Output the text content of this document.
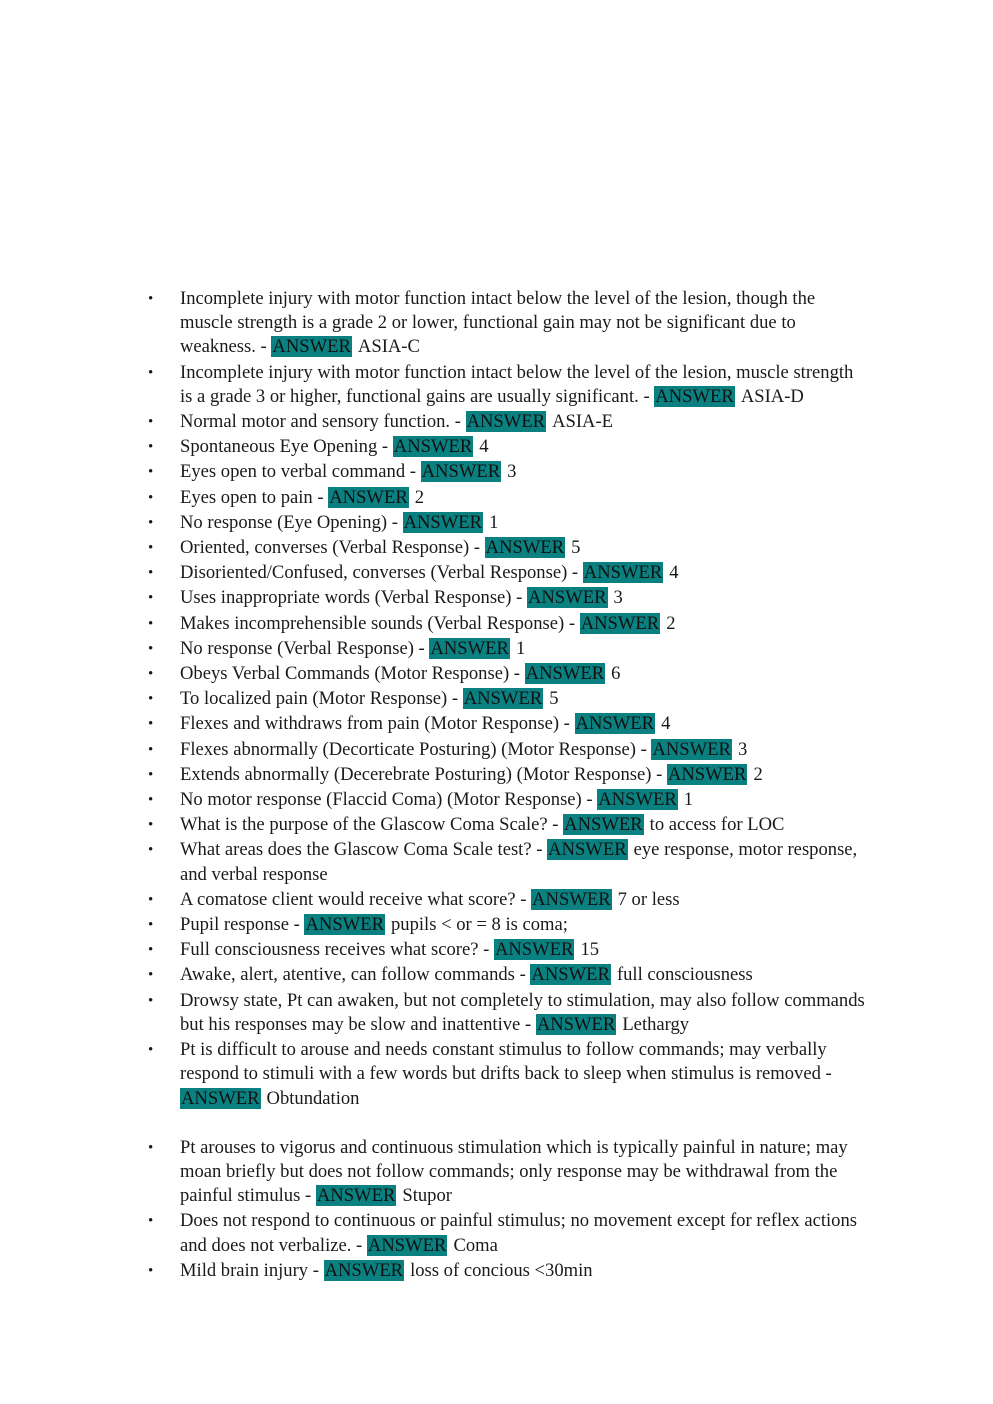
•	Incomplete injury with motor function intact below the level of the lesion, though the muscle strength is a grade 2 or lower, functional gain may not be significant due to weakness. - ANSWER ASIA-C
•	Incomplete injury with motor function intact below the level of the lesion, muscle strength is a grade 3 or higher, functional gains are usually significant. - ANSWER ASIA-D
•	Normal motor and sensory function. - ANSWER ASIA-E
•	Spontaneous Eye Opening - ANSWER 4
•	Eyes open to verbal command - ANSWER 3
•	Eyes open to pain - ANSWER 2
•	No response (Eye Opening) - ANSWER 1
•	Oriented, converses (Verbal Response) - ANSWER 5
•	Disoriented/Confused, converses (Verbal Response) - ANSWER 4
•	Uses inappropriate words (Verbal Response) - ANSWER 3
•	Makes incomprehensible sounds (Verbal Response) - ANSWER 2
•	No response (Verbal Response) - ANSWER 1
•	Obeys Verbal Commands (Motor Response) - ANSWER 6
•	To localized pain (Motor Response) - ANSWER 5
•	Flexes and withdraws from pain (Motor Response) - ANSWER 4
•	Flexes abnormally (Decorticate Posturing) (Motor Response) - ANSWER 3
•	Extends abnormally (Decerebrate Posturing) (Motor Response) - ANSWER 2
•	No motor response (Flaccid Coma) (Motor Response) - ANSWER 1
•	What is the purpose of the Glascow Coma Scale? - ANSWER to access for LOC
•	What areas does the Glascow Coma Scale test? - ANSWER eye response, motor response, and verbal response
•	A comatose client would receive what score? - ANSWER 7 or less
•	Pupil response - ANSWER pupils < or = 8 is coma;
•	Full consciousness receives what score? - ANSWER 15
•	Awake, alert, atentive, can follow commands - ANSWER full consciousness
•	Drowsy state, Pt can awaken, but not completely to stimulation, may also follow commands but his responses may be slow and inattentive - ANSWER Lethargy
•	Pt is difficult to arouse and needs constant stimulus to follow commands; may verbally respond to stimuli with a few words but drifts back to sleep when stimulus is removed - ANSWER Obtundation
•	Pt arouses to vigorus and continuous stimulation which is typically painful in nature; may moan briefly but does not follow commands; only response may be withdrawal from the painful stimulus - ANSWER Stupor
•	Does not respond to continuous or painful stimulus; no movement except for reflex actions and does not verbalize. - ANSWER Coma
•	Mild brain injury - ANSWER loss of concious <30min
